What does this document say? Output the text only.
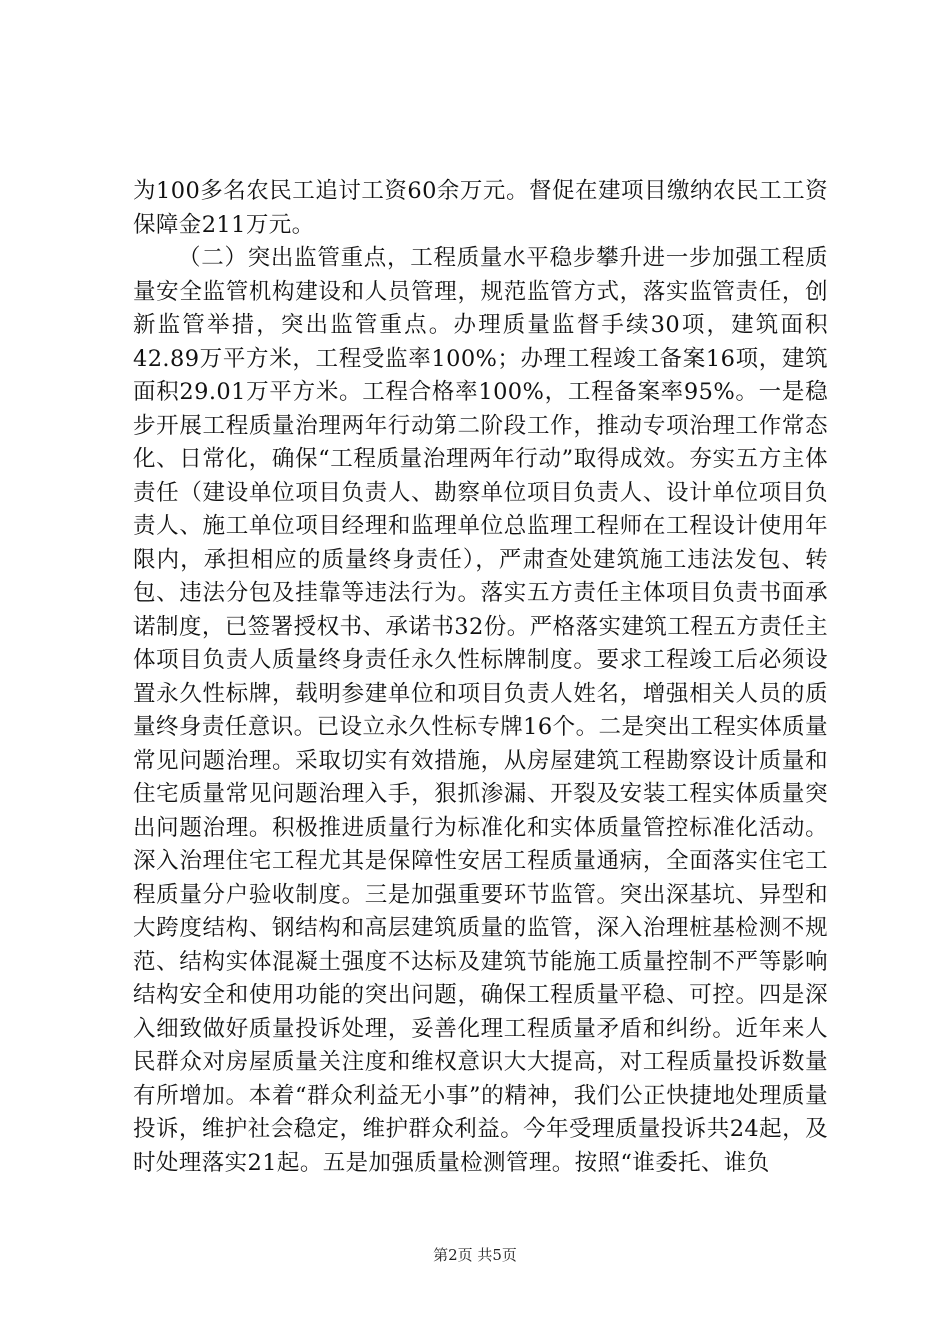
为100多名农民工追讨工资60余万元。督促在建项目缴纳农民工工资保障金211万元。

（二）突出监管重点，工程质量水平稳步攀升进一步加强工程质量安全监管机构建设和人员管理，规范监管方式，落实监管责任，创新监管举措，突出监管重点。办理质量监督手续30项，建筑面积42.89万平方米，工程受监率100%；办理工程竣工备案16项，建筑面积29.01万平方米。工程合格率100%，工程备案率95%。一是稳步开展工程质量治理两年行动第二阶段工作，推动专项治理工作常态化、日常化，确保“工程质量治理两年行动”取得成效。夯实五方主体责任（建设单位项目负责人、勘察单位项目负责人、设计单位项目负责人、施工单位项目经理和监理单位总监理工程师在工程设计使用年限内，承担相应的质量终身责任），严肃查处建筑施工违法发包、转包、违法分包及挂靠等违法行为。落实五方责任主体项目负责书面承诺制度，已签署授权书、承诺书32份。严格落实建筑工程五方责任主体项目负责人质量终身责任永久性标牌制度。要求工程竣工后必须设置永久性标牌，载明参建单位和项目负责人姓名，增强相关人员的质量终身责任意识。已设立永久性标专牌16个。二是突出工程实体质量常见问题治理。采取切实有效措施，从房屋建筑工程勘察设计质量和住宅质量常见问题治理入手，狠抓渗漏、开裂及安装工程实体质量突出问题治理。积极推进质量行为标准化和实体质量管控标准化活动。深入治理住宅工程尤其是保障性安居工程质量通病，全面落实住宅工程质量分户验收制度。三是加强重要环节监管。突出深基坑、异型和大跨度结构、钢结构和高层建筑质量的监管，深入治理桩基检测不规范、结构实体混凝土强度不达标及建筑节能施工质量控制不严等影响结构安全和使用功能的突出问题，确保工程质量平稳、可控。四是深入细致做好质量投诉处理，妥善化理工程质量矛盾和纠纷。近年来人民群众对房屋质量关注度和维权意识大大提高，对工程质量投诉数量有所增加。本着“群众利益无小事”的精神，我们公正快捷地处理质量投诉，维护社会稳定，维护群众利益。今年受理质量投诉共24起，及时处理落实21起。五是加强质量检测管理。按照“谁委托、谁负

第2页 共5页
